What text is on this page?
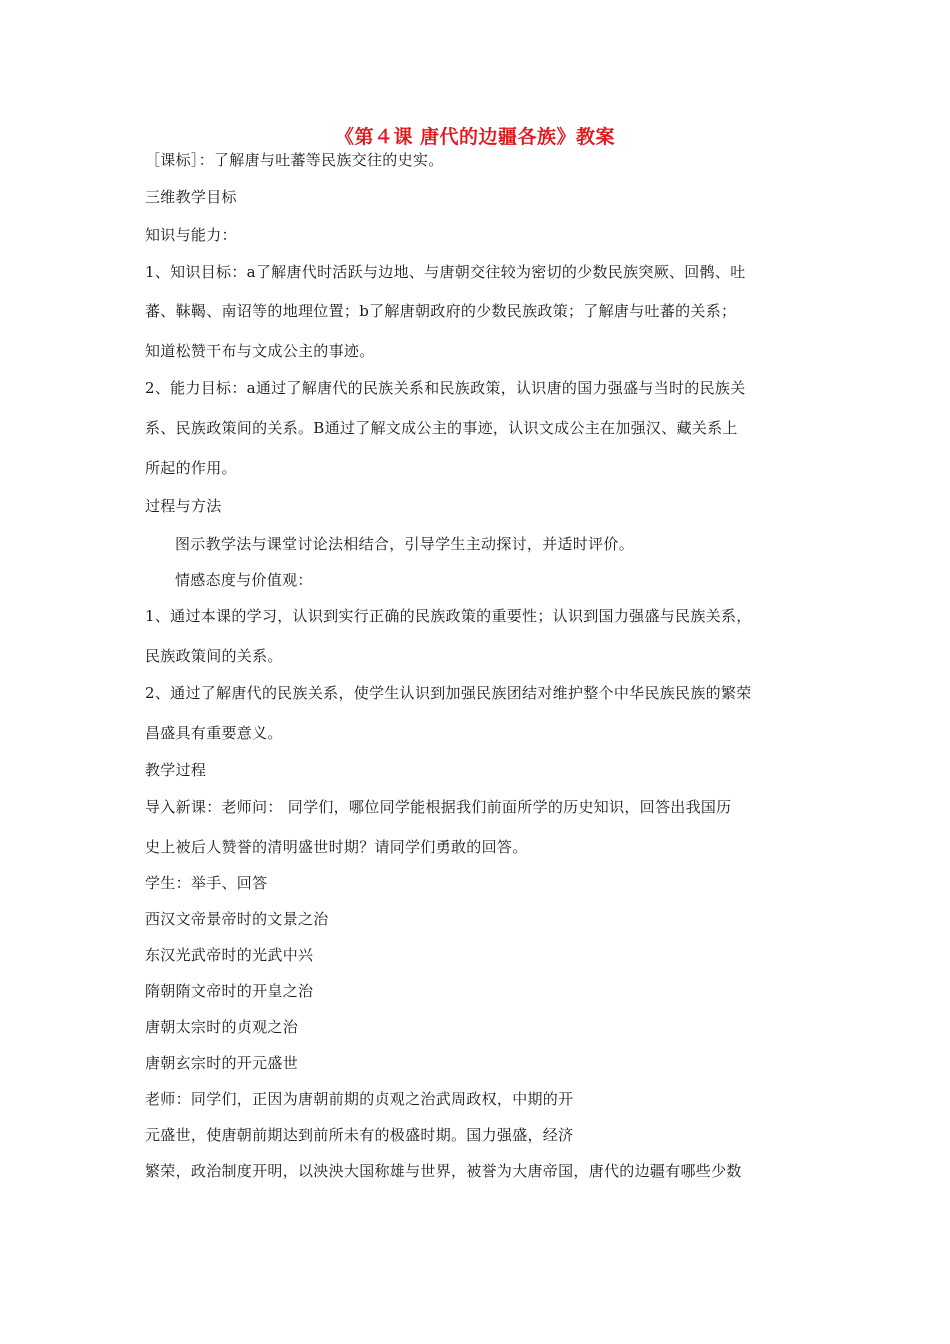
《第４课 唐代的边疆各族》教案
［课标］：了解唐与吐蕃等民族交往的史实。
三维教学目标
知识与能力：
1、知识目标：a了解唐代时活跃与边地、与唐朝交往较为密切的少数民族突厥、回鹘、吐
蕃、靺鞨、南诏等的地理位置；b了解唐朝政府的少数民族政策；了解唐与吐蕃的关系；
知道松赞干布与文成公主的事迹。
2、能力目标：a通过了解唐代的民族关系和民族政策，认识唐的国力强盛与当时的民族关
系、民族政策间的关系。B通过了解文成公主的事迹，认识文成公主在加强汉、藏关系上
所起的作用。
过程与方法
图示教学法与课堂讨论法相结合，引导学生主动探讨，并适时评价。
情感态度与价值观：
1、通过本课的学习，认识到实行正确的民族政策的重要性；认识到国力强盛与民族关系，
民族政策间的关系。
2、通过了解唐代的民族关系，使学生认识到加强民族团结对维护整个中华民族民族的繁荣
昌盛具有重要意义。
教学过程
导入新课：老师问： 同学们，哪位同学能根据我们前面所学的历史知识，回答出我国历
史上被后人赞誉的清明盛世时期？请同学们勇敢的回答。
学生：举手、回答
西汉文帝景帝时的文景之治
东汉光武帝时的光武中兴
隋朝隋文帝时的开皇之治
唐朝太宗时的贞观之治
唐朝玄宗时的开元盛世
老师：同学们，正因为唐朝前期的贞观之治武周政权，中期的开
元盛世，使唐朝前期达到前所未有的极盛时期。国力强盛，经济
繁荣，政治制度开明，以泱泱大国称雄与世界，被誉为大唐帝国，唐代的边疆有哪些少数
